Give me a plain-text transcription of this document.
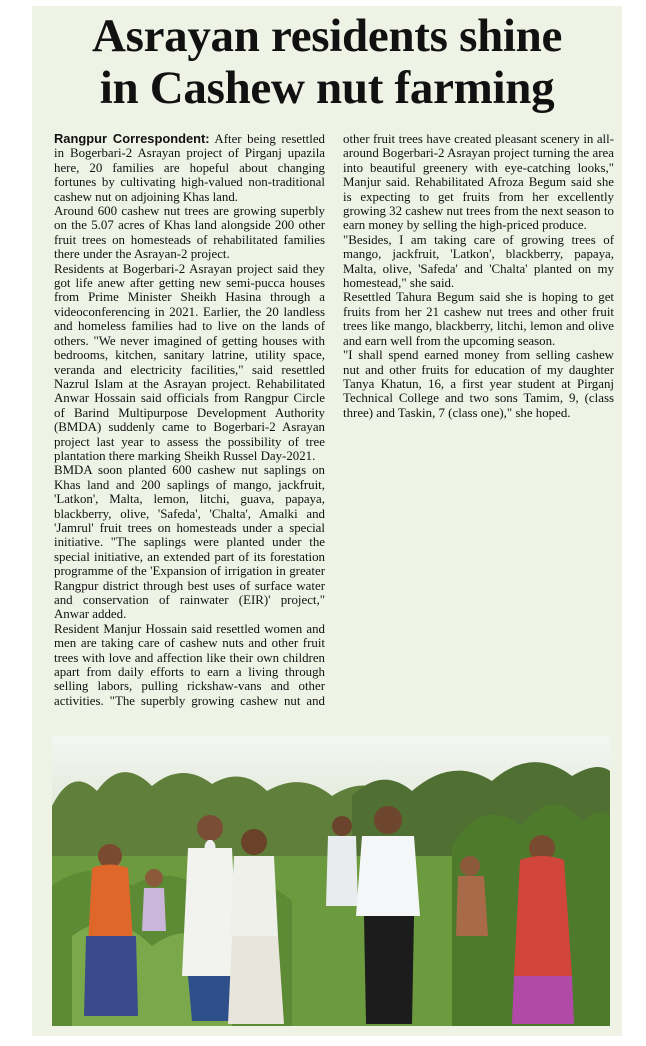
Asrayan residents shine
in Cashew nut farming

Rangpur Correspondent: After being resettled in Bogerbari-2 Asrayan project of Pirganj upazila here, 20 families are hopeful about changing fortunes by cultivating high-valued non-traditional cashew nut on adjoining Khas land.

Around 600 cashew nut trees are growing superbly on the 5.07 acres of Khas land alongside 200 other fruit trees on homesteads of rehabilitated families there under the Asrayan-2 project.

Residents at Bogerbari-2 Asrayan project said they got life anew after getting new semi-pucca houses from Prime Minister Sheikh Hasina through a videoconferencing in 2021. Earlier, the 20 landless and homeless families had to live on the lands of others. "We never imagined of getting houses with bedrooms, kitchen, sanitary latrine, utility space, veranda and electricity facilities," said resettled Nazrul Islam at the Asrayan project. Rehabilitated Anwar Hossain said officials from Rangpur Circle of Barind Multipurpose Development Authority (BMDA) suddenly came to Bogerbari-2 Asrayan project last year to assess the possibility of tree plantation there marking Sheikh Russel Day-2021.

BMDA soon planted 600 cashew nut saplings on Khas land and 200 saplings of mango, jackfruit, 'Latkon', Malta, lemon, litchi, guava, papaya, blackberry, olive, 'Safeda', 'Chalta', Amalki and 'Jamrul' fruit trees on homesteads under a special initiative. "The saplings were planted under the special initiative, an extended part of its forestation programme of the 'Expansion of irrigation in greater Rangpur district through best uses of surface water and conservation of rainwater (EIR)' project," Anwar added.

Resident Manjur Hossain said resettled women and men are taking care of cashew nuts and other fruit trees with love and affection like their own children apart from daily efforts to earn a living through selling labors, pulling rickshaw-vans and other activities. "The superbly growing cashew nut and other fruit trees have created pleasant scenery in all-around Bogerbari-2 Asrayan project turning the area into beautiful greenery with eye-catching looks," Manjur said. Rehabilitated Afroza Begum said she is expecting to get fruits from her excellently growing 32 cashew nut trees from the next season to earn money by selling the high-priced produce.

"Besides, I am taking care of growing trees of mango, jackfruit, 'Latkon', blackberry, papaya, Malta, olive, 'Safeda' and 'Chalta' planted on my homestead," she said.

Resettled Tahura Begum said she is hoping to get fruits from her 21 cashew nut trees and other fruit trees like mango, blackberry, litchi, lemon and olive and earn well from the upcoming season.

"I shall spend earned money from selling cashew nut and other fruits for education of my daughter Tanya Khatun, 16, a first year student at Pirganj Technical College and two sons Tamim, 9, (class three) and Taskin, 7 (class one)," she hoped.
